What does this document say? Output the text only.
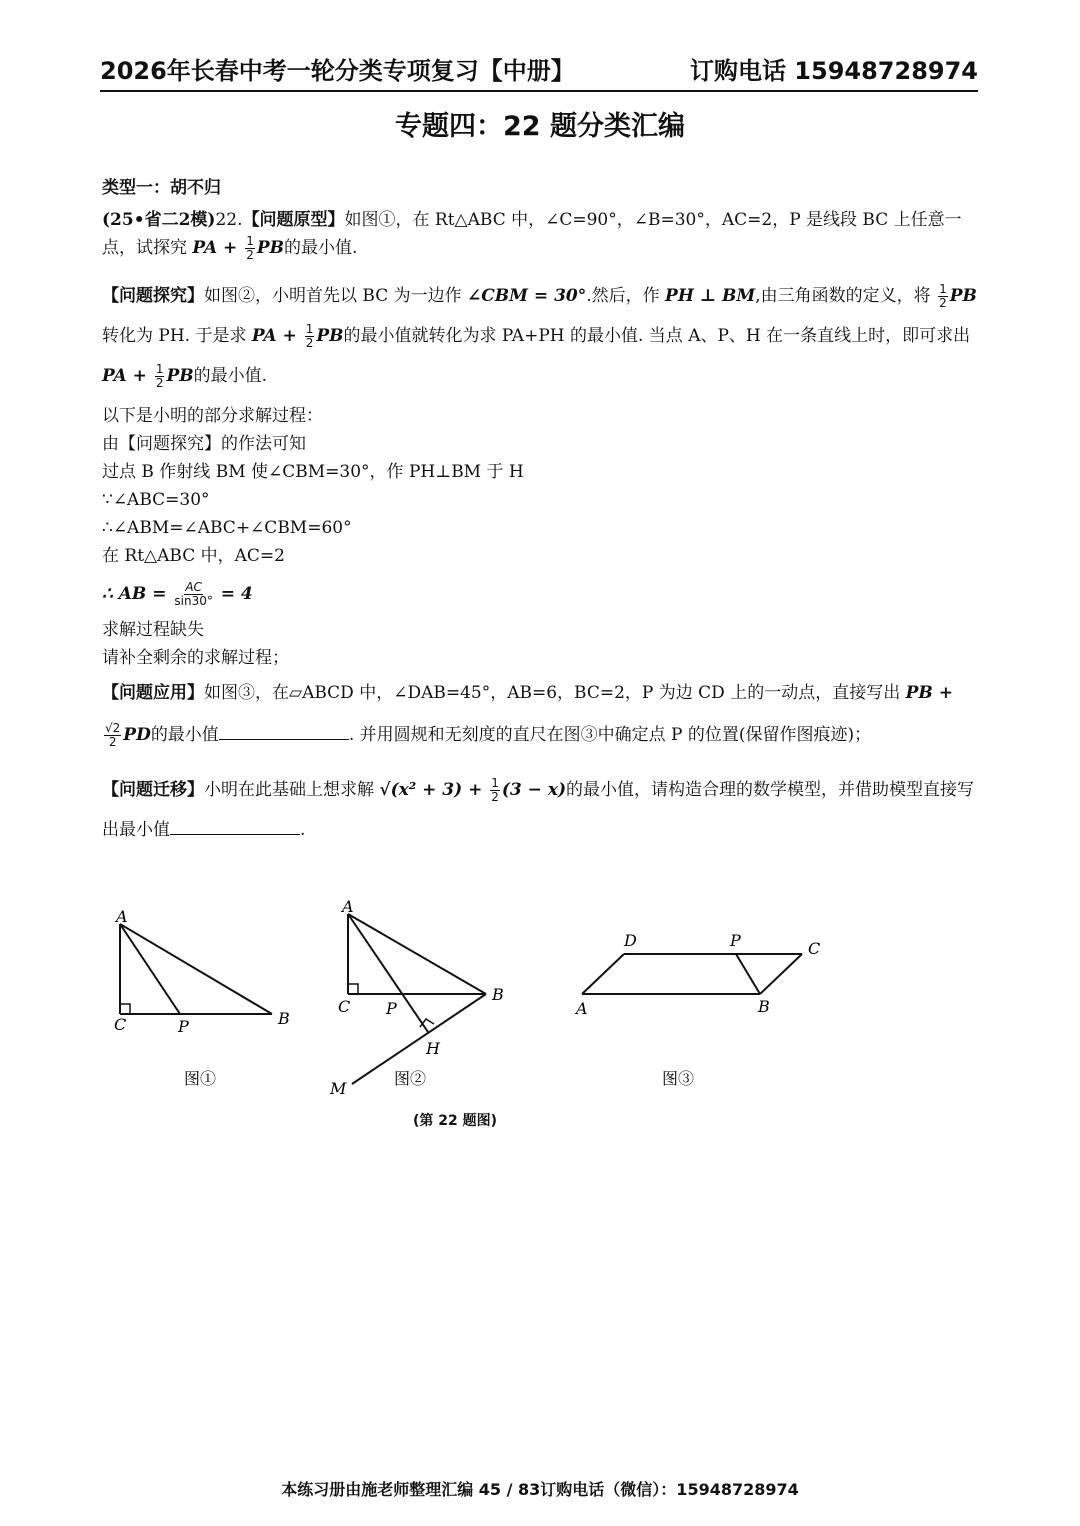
2026年长春中考一轮分类专项复习【中册】	订购电话 15948728974
专题四：22 题分类汇编

类型一：胡不归

(25•省二2模)22.【问题原型】如图①，在 Rt△ABC 中，∠C=90°，∠B=30°，AC=2，P 是线段 BC 上任意一点，试探究 PA + $\frac{1}{2}$ PB的最小值.

【问题探究】如图②，小明首先以 BC 为一边作 ∠CBM = 30°.然后，作 PH ⊥ BM,由三角函数的定义，将 $\frac{1}{2}$ PB转化为 PH. 于是求 PA + $\frac{1}{2}$ PB的最小值就转化为求 PA+PH 的最小值. 当点 A、P、H 在一条直线上时，即可求出 PA + $\frac{1}{2}$ PB的最小值.

以下是小明的部分求解过程：

由【问题探究】的作法可知

过点 B 作射线 BM 使∠CBM=30°，作 PH⊥BM 于 H

∵∠ABC=30°

∴∠ABM=∠ABC+∠CBM=60°

在 Rt△ABC 中，AC=2

∴ AB = $\frac{AC}{\sin 30^\circ} = 4$

求解过程缺失

请补全剩余的求解过程；

【问题应用】如图③，在▱ABCD 中，∠DAB=45°，AB=6，BC=2，P 为边 CD 上的一动点，直接写出 PB +
$\frac{√2}{2}$ PD的最小值	. 并用圆规和无刻度的直尺在图③中确定点 P 的位置(保留作图痕迹)；

【问题迁移】小明在此基础上想求解 $√(x^2 + 3) + \frac{1}{2} (3 - x)$的最小值，请构造合理的数学模型，并借助模型直接写出最小值	.

A
C	P	B
图①
A
C P
B
H
M
图②
D	P	C
A	B
图③
(第 22 题图)
本练习册由施老师整理汇编 45 / 83订购电话（微信）：15948728974
